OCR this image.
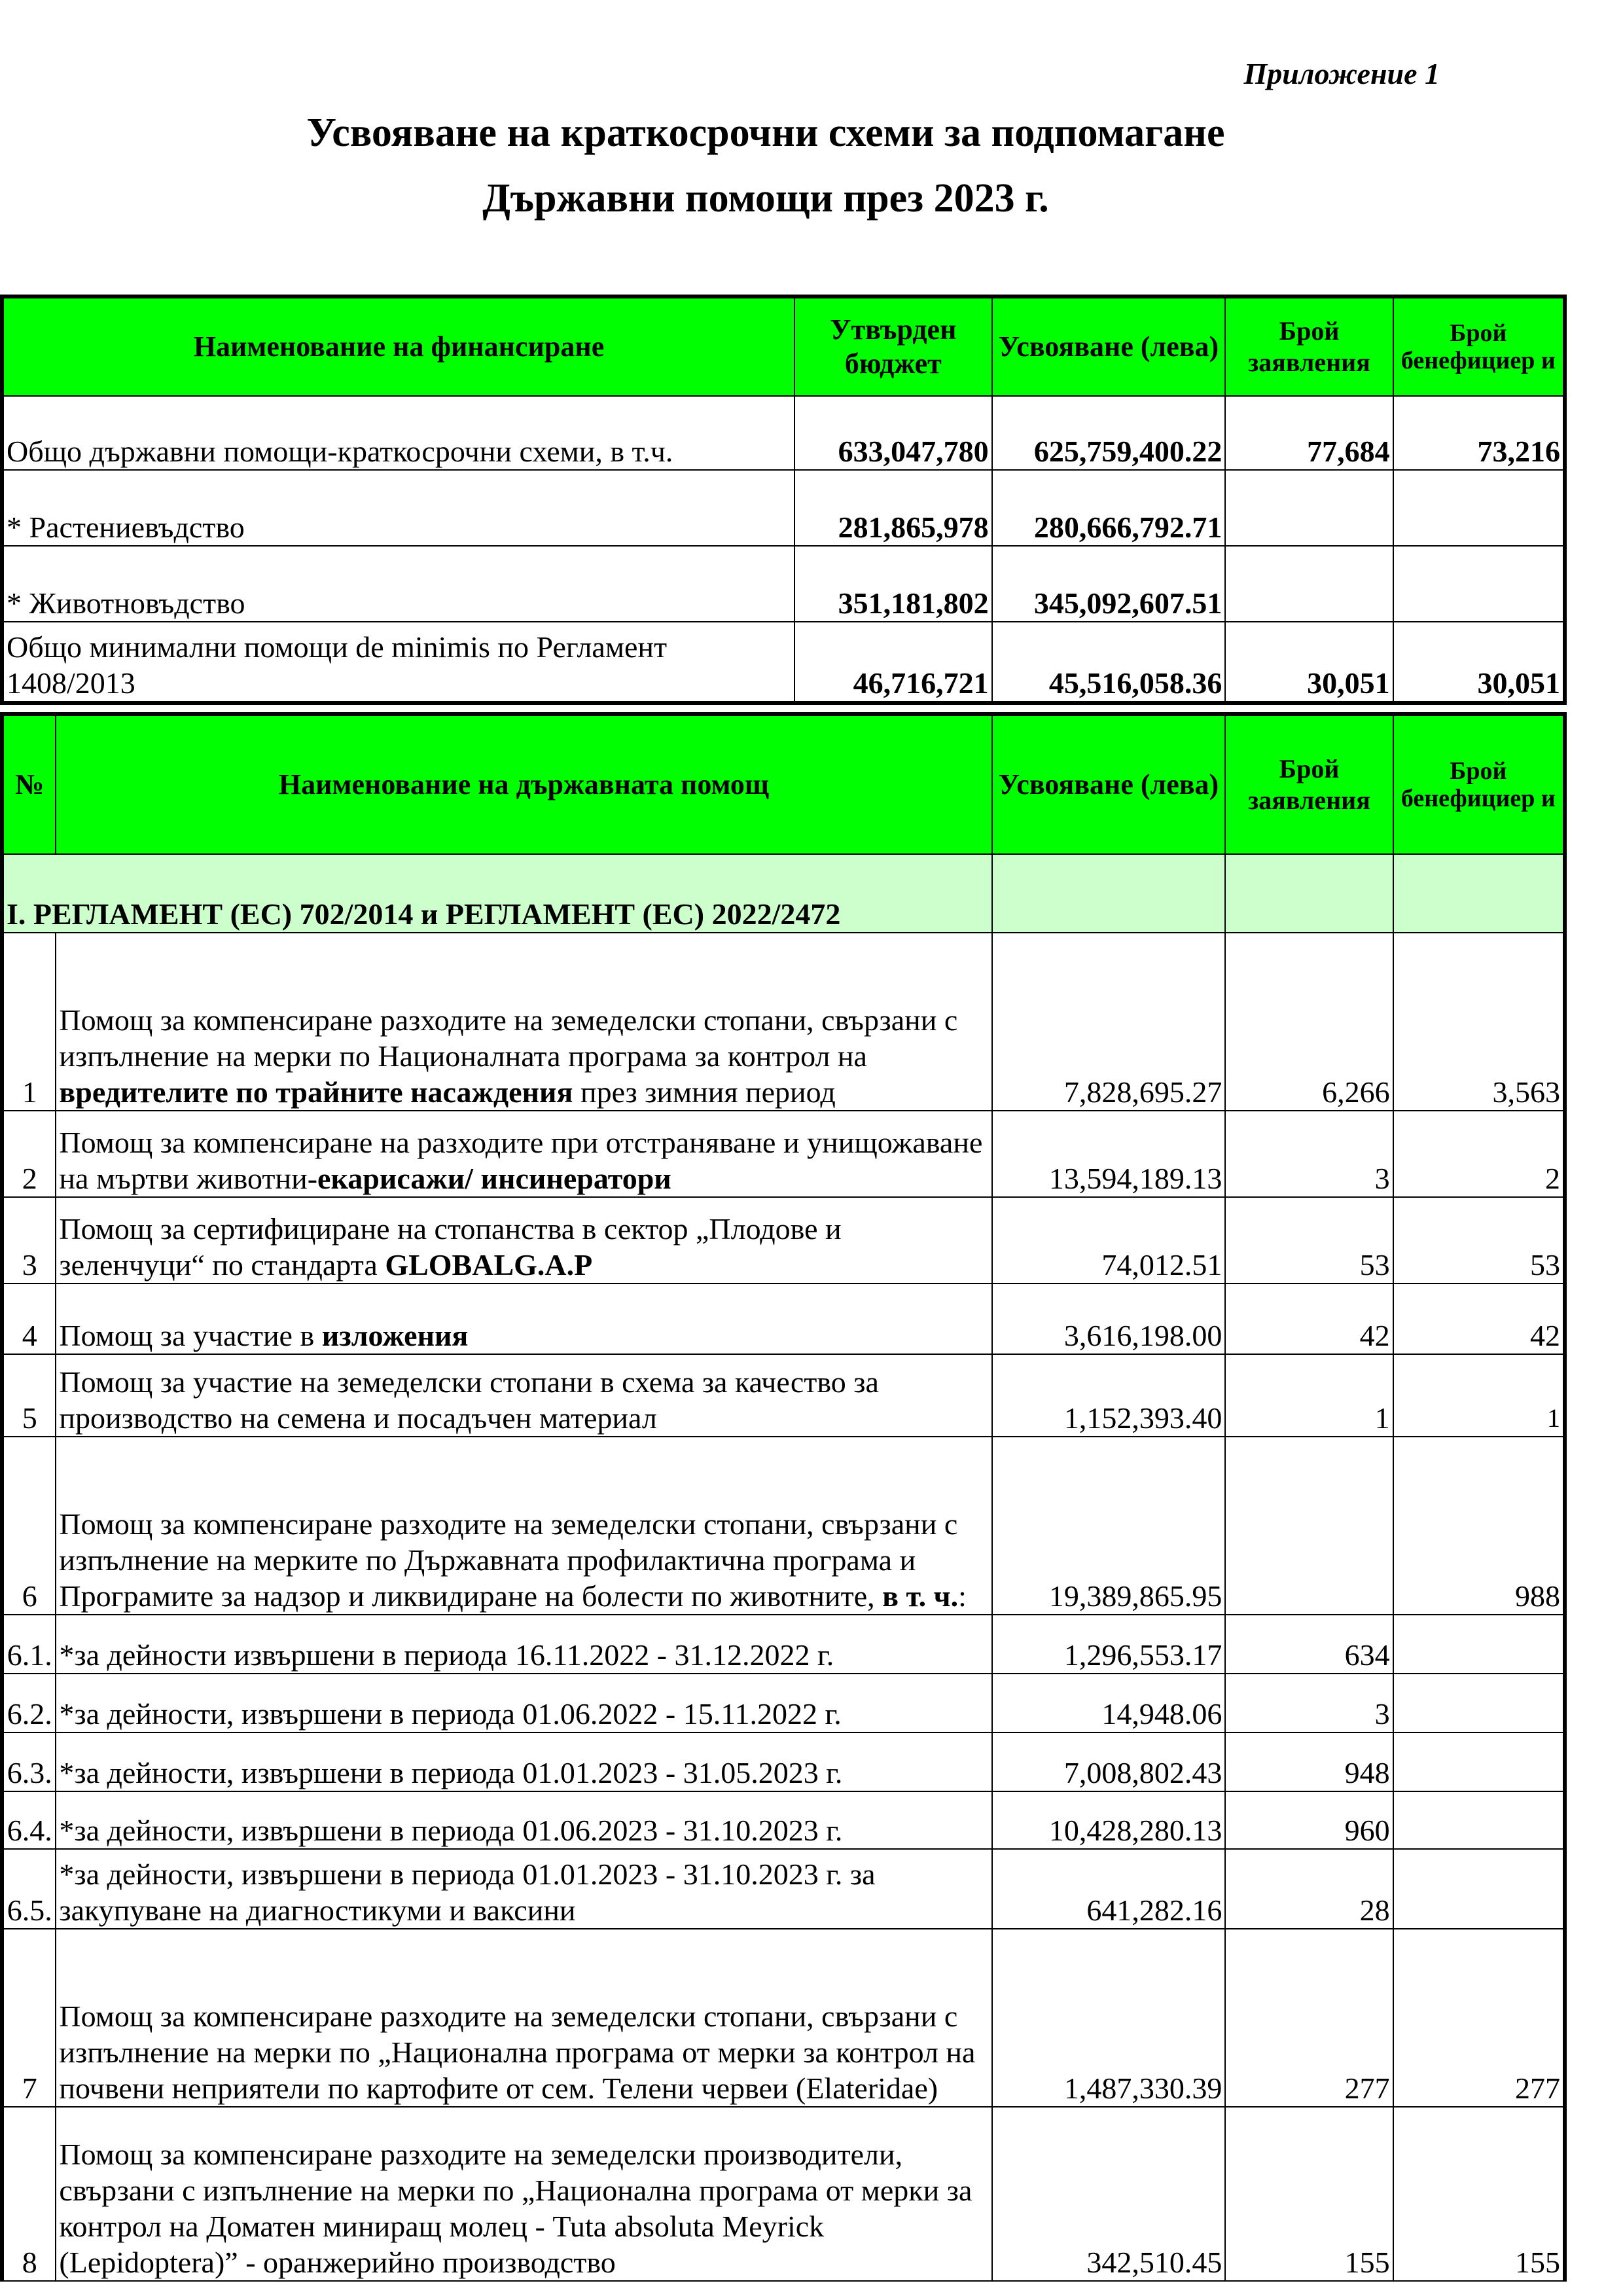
Приложение 1
Усвояване на краткосрочни схеми за подпомагане
Държавни помощи през 2023 г.
Наименование на финансиране	Утвърден бюджет	Усвояване (лева)	Брой заявления	Брой бенефициер и
Общо държавни помощи-краткосрочни схеми, в т.ч.	633,047,780	625,759,400.22	77,684	73,216
* Растениевъдство	281,865,978	280,666,792.71		
* Животновъдство	351,181,802	345,092,607.51		
Общо минимални помощи de minimis по Регламент 1408/2013	46,716,721	45,516,058.36	30,051	30,051
№	Наименование на държавната помощ	Усвояване (лева)	Брой заявления	Брой бенефициер и
I. РЕГЛАМЕНТ (ЕС) 702/2014 и РЕГЛАМЕНТ (ЕС) 2022/2472				
1	Помощ за компенсиране разходите на земеделски стопани, свързани с изпълнение на мерки по Националната програма за контрол на вредителите по трайните насаждения през зимния период	7,828,695.27	6,266	3,563
2	Помощ за компенсиране на разходите при отстраняване и унищожаване на мъртви животни-екарисажи/ инсинератори	13,594,189.13	3	2
3	Помощ за сертифициране на стопанства в сектор „Плодове и зеленчуци“ по стандарта GLOBALG.A.P	74,012.51	53	53
4	Помощ за участие в изложения	3,616,198.00	42	42
5	Помощ за участие на земеделски стопани в схема за качество за производство на семена и посадъчен материал	1,152,393.40	1	1
6	Помощ за компенсиране разходите на земеделски стопани, свързани с изпълнение на мерките по Държавната профилактична програма и Програмите за надзор и ликвидиране на болести по животните, в т. ч.:	19,389,865.95		988
6.1.	*за дейности извършени в периода 16.11.2022 - 31.12.2022 г.	1,296,553.17	634	
6.2.	*за дейности, извършени в периода 01.06.2022 - 15.11.2022 г.	14,948.06	3	
6.3.	*за дейности, извършени в периода 01.01.2023 - 31.05.2023 г.	7,008,802.43	948	
6.4.	*за дейности, извършени в периода 01.06.2023 - 31.10.2023 г.	10,428,280.13	960	
6.5.	*за дейности, извършени в периода 01.01.2023 - 31.10.2023 г. за закупуване на диагностикуми и ваксини	641,282.16	28	
7	Помощ за компенсиране разходите на земеделски стопани, свързани с изпълнение на мерки по „Национална програма от мерки за контрол на почвени неприятели по картофите от сем. Телени червеи (Elateridae)	1,487,330.39	277	277
8	Помощ за компенсиране разходите на земеделски производители, свързани с изпълнение на мерки по „Национална програма от мерки за контрол на Доматен миниращ молец - Tuta absoluta Meyrick (Lepidoptera)” - оранжерийно производство	342,510.45	155	155
